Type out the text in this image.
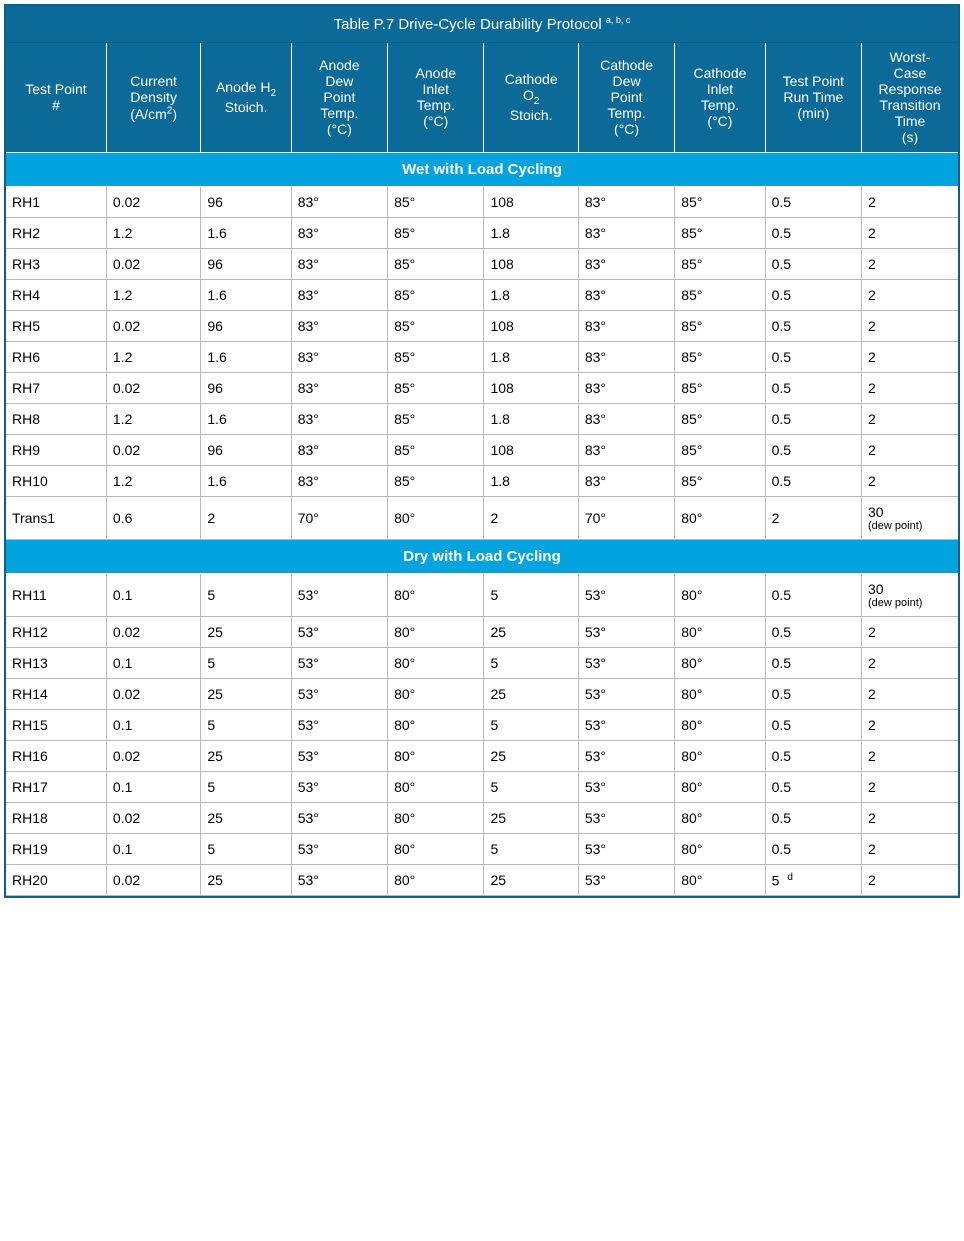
Table P.7 Drive-Cycle Durability Protocol $^{a, b, c}$
Test Point
#	Current
Density
$(A/cm^2)$	Anode $H_2$
Stoich.	Anode
Dew
Point
Temp.
(°C)	Anode
Inlet
Temp.
(°C)	Cathode
$O_2$
Stoich.	Cathode
Dew
Point
Temp.
(°C)	Cathode
Inlet
Temp.
(°C)	Test Point
Run Time
(min)	Worst-
Case
Response
Transition
Time
(s)
Wet with Load Cycling									
RH1	0.02	96	83°	85°	108	83°	85°	0.5	2
RH2	1.2	1.6	83°	85°	1.8	83°	85°	0.5	2
RH3	0.02	96	83°	85°	108	83°	85°	0.5	2
RH4	1.2	1.6	83°	85°	1.8	83°	85°	0.5	2
RH5	0.02	96	83°	85°	108	83°	85°	0.5	2
RH6	1.2	1.6	83°	85°	1.8	83°	85°	0.5	2
RH7	0.02	96	83°	85°	108	83°	85°	0.5	2
RH8	1.2	1.6	83°	85°	1.8	83°	85°	0.5	2
RH9	0.02	96	83°	85°	108	83°	85°	0.5	2
RH10	1.2	1.6	83°	85°	1.8	83°	85°	0.5	2
Trans1	0.6	2	70°	80°	2	70°	80°	2	30
(dew point)

Dry with Load Cycling									
RH11	0.1	5	53°	80°	5	53°	80°	0.5	30
(dew point)

RH12	0.02	25	53°	80°	25	53°	80°	0.5	2
RH13	0.1	5	53°	80°	5	53°	80°	0.5	2
RH14	0.02	25	53°	80°	25	53°	80°	0.5	2
RH15	0.1	5	53°	80°	5	53°	80°	0.5	2
RH16	0.02	25	53°	80°	25	53°	80°	0.5	2
RH17	0.1	5	53°	80°	5	53°	80°	0.5	2
RH18	0.02	25	53°	80°	25	53°	80°	0.5	2
RH19	0.1	5	53°	80°	5	53°	80°	0.5	2
RH20	0.02	25	53°	80°	25	53°	80°	5 $^d$	2
